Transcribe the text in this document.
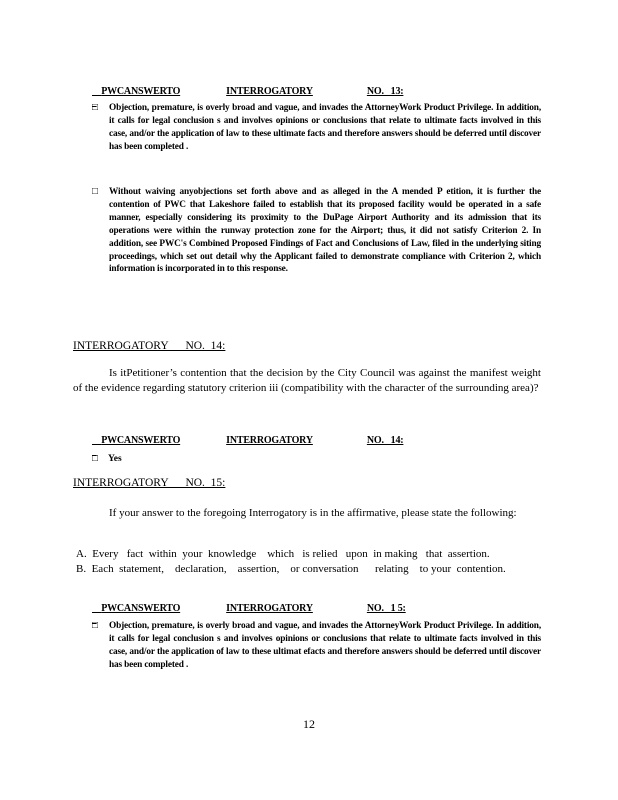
PWCANSWERTO	INTERROGATORY	NO.   13:

□ Objection, premature, is overly broad and vague, and invades the AttorneyWork Product Privilege. In addition, it calls for legal conclusion s and involves opinions or conclusions that relate to ultimate facts involved in this case, and/or the application of law to these ultimate facts and therefore answers should be deferred until discover has been completed .
□ Without waiving anyobjections set forth above and as alleged in the A mended P etition, it is further the contention of PWC that Lakeshore failed to establish that its proposed facility would be operated in a safe manner, especially considering its proximity to the DuPage Airport Authority and its admission that its operations were within the runway protection zone for the Airport; thus, it did not satisfy Criterion 2. In addition, see PWC's Combined Proposed Findings of Fact and Conclusions of Law, filed in the underlying siting proceedings, which set out detail why the Applicant failed to demonstrate compliance with Criterion 2, which information is incorporated in to this response.
INTERROGATORY      NO.  14:
Is itPetitioner’s contention that the decision by the City Council was against the manifest weight of the evidence regarding statutory criterion iii (compatibility with the character of the surrounding area)?

PWCANSWERTO	INTERROGATORY	NO.   14:

□ Yes
INTERROGATORY      NO.  15:
If your answer to the foregoing Interrogatory is in the affirmative, please state the following:
A.  Every   fact  within  your  knowledge    which   is relied   upon  in making   that  assertion.
B.  Each  statement,    declaration,    assertion,    or conversation      relating    to your  contention.

PWCANSWERTO	INTERROGATORY	NO.   1 5:

□ Objection, premature, is overly broad and vague, and invades the AttorneyWork Product Privilege. In addition, it calls for legal conclusion s and involves opinions or conclusions that relate to ultimate facts involved in this case, and/or the application of law to these ultimat efacts and therefore answers should be deferred until discover has been completed .
12
